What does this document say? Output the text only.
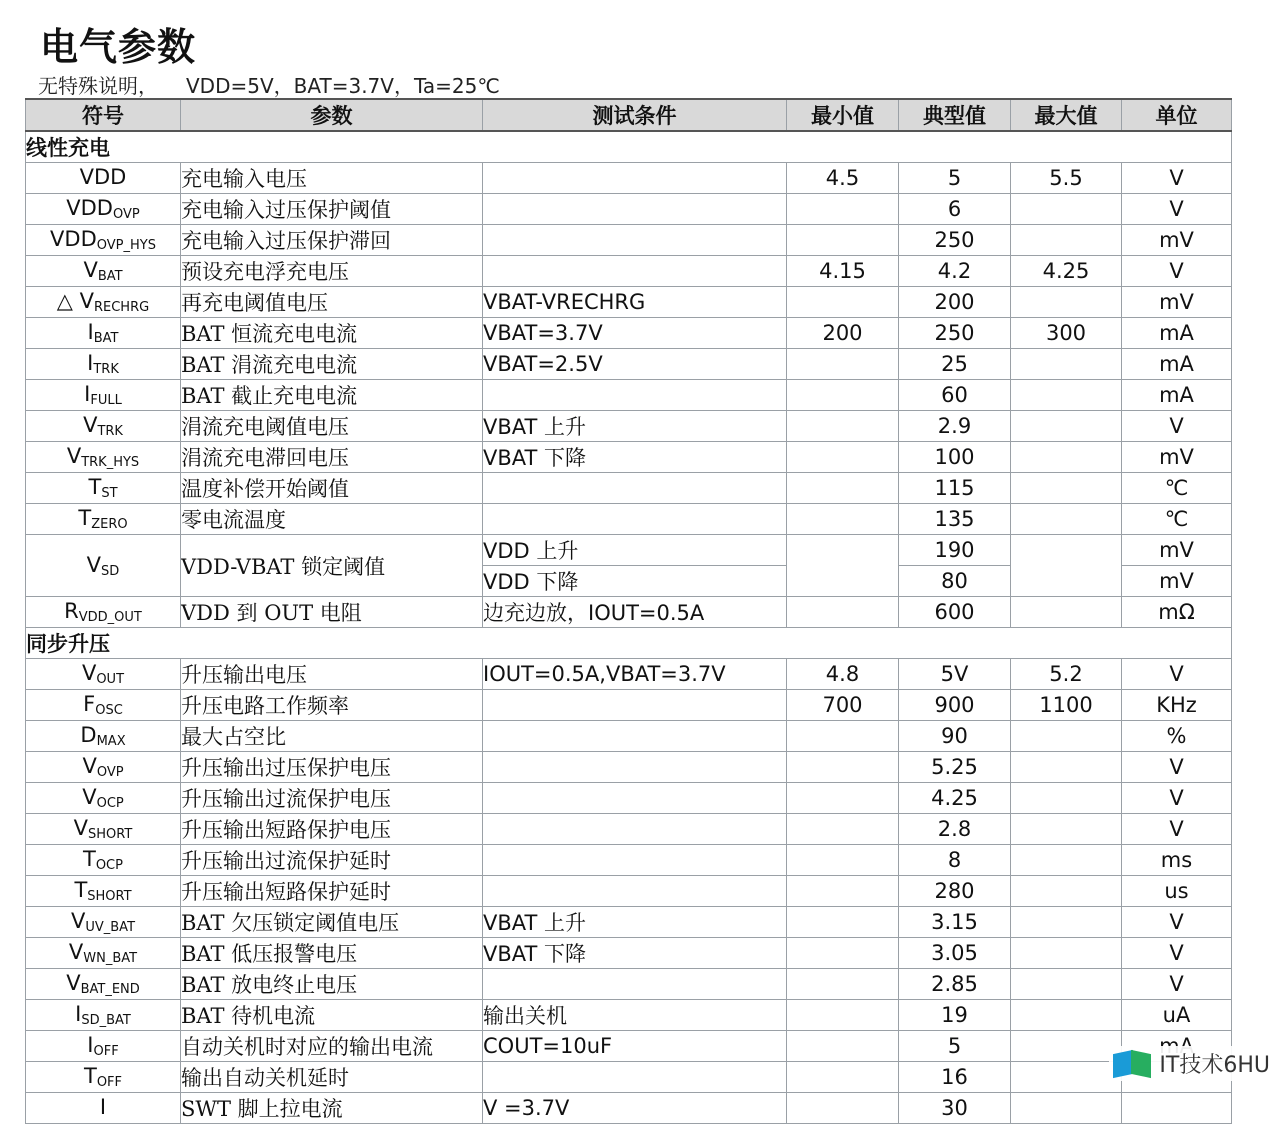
电气参数
无特殊说明， VDD=5V，BAT=3.7V，Ta=25℃
符号	参数	测试条件	最小值	典型值	最大值	单位
线性充电						
VDD	充电输入电压		4.5	5	5.5	V
$VDD_{OVP}$	充电输入过压保护阈值			6		V
$VDD_{OVP\_HYS}$	充电输入过压保护滞回			250		mV
$V_{BAT}$	预设充电浮充电压		4.15	4.2	4.25	V
△ $V_{RECHRG}$	再充电阈值电压	VBAT-VRECHRG		200		mV
$I_{BAT}$	BAT 恒流充电电流	VBAT=3.7V	200	250	300	mA
$I_{TRK}$	BAT 涓流充电电流	VBAT=2.5V		25		mA
$I_{FULL}$	BAT 截止充电电流			60		mA
$V_{TRK}$	涓流充电阈值电压	VBAT 上升		2.9		V
$V_{TRK\_HYS}$	涓流充电滞回电压	VBAT 下降		100		mV
$T_{ST}$	温度补偿开始阈值			115		℃
$T_{ZERO}$	零电流温度			135		℃
$V_{SD}$	VDD-VBAT 锁定阈值	VDD 上升		190		mV
		VDD 下降		80		mV
$R_{VDD\_OUT}$	VDD 到 OUT 电阻	边充边放，IOUT=0.5A		600		mΩ
同步升压						
$V_{OUT}$	升压输出电压	IOUT=0.5A,VBAT=3.7V	4.8	5V	5.2	V
$F_{OSC}$	升压电路工作频率		700	900	1100	KHz
$D_{MAX}$	最大占空比			90		%
$V_{OVP}$	升压输出过压保护电压			5.25		V
$V_{OCP}$	升压输出过流保护电压			4.25		V
$V_{SHORT}$	升压输出短路保护电压			2.8		V
$T_{OCP}$	升压输出过流保护延时			8		ms
$T_{SHORT}$	升压输出短路保护延时			280		us
$V_{UV\_BAT}$	BAT 欠压锁定阈值电压	VBAT 上升		3.15		V
$V_{WN\_BAT}$	BAT 低压报警电压	VBAT 下降		3.05		V
$V_{BAT\_END}$	BAT 放电终止电压			2.85		V
$I_{SD\_BAT}$	BAT 待机电流	输出关机		19		uA
$I_{OFF}$	自动关机时对应的输出电流	COUT=10uF		5		
$T_{OFF}$	输出自动关机延时			16		
I	SWT 脚上拉电流	V =3.7V		30		
IT技术6HU
